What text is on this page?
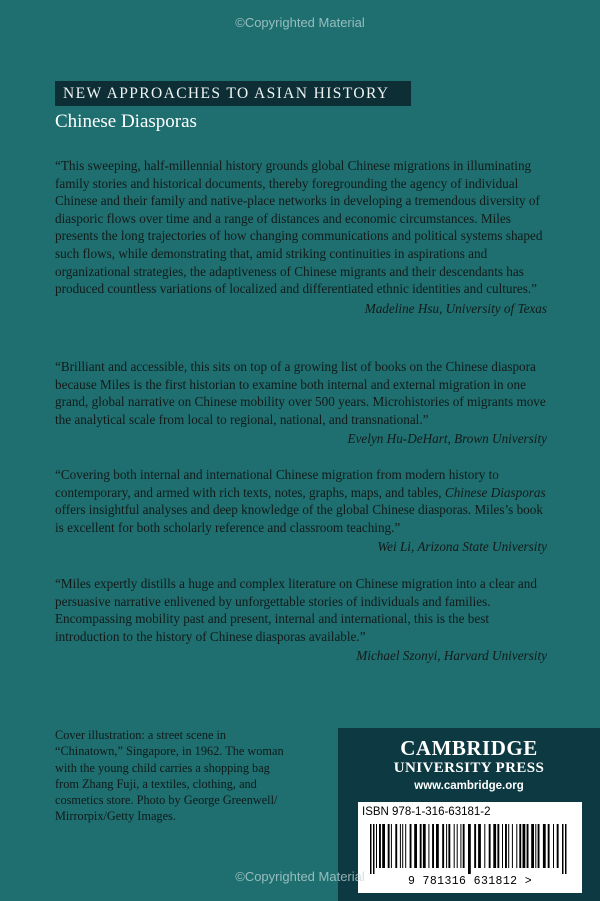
©Copyrighted Material
NEW APPROACHES TO ASIAN HISTORY
Chinese Diasporas

“This sweeping, half-millennial history grounds global Chinese migrations in illuminating family stories and historical documents, thereby foregrounding the agency of individual Chinese and their family and native-place networks in developing a tremendous diversity of diasporic flows over time and a range of distances and economic circumstances. Miles presents the long trajectories of how changing communications and political systems shaped such flows, while demonstrating that, amid striking continuities in aspirations and organizational strategies, the adaptiveness of Chinese migrants and their descendants has produced countless variations of localized and differentiated ethnic identities and cultures.”

Madeline Hsu, University of Texas

“Brilliant and accessible, this sits on top of a growing list of books on the Chinese diaspora because Miles is the first historian to examine both internal and external migration in one grand, global narrative on Chinese mobility over 500 years. Microhistories of migrants move the analytical scale from local to regional, national, and transnational.”

Evelyn Hu-DeHart, Brown University

“Covering both internal and international Chinese migration from modern history to contemporary, and armed with rich texts, notes, graphs, maps, and tables, Chinese Diasporas offers insightful analyses and deep knowledge of the global Chinese diasporas. Miles’s book is excellent for both scholarly reference and classroom teaching.”

Wei Li, Arizona State University

“Miles expertly distills a huge and complex literature on Chinese migration into a clear and persuasive narrative enlivened by unforgettable stories of individuals and families. Encompassing mobility past and present, internal and international, this is the best introduction to the history of Chinese diasporas available.”

Michael Szonyi, Harvard University
Cover illustration: a street scene in “Chinatown,” Singapore, in 1962. The woman with the young child carries a shopping bag from Zhang Fuji, a textiles, clothing, and cosmetics store. Photo by George Greenwell/ Mirrorpix/Getty Images.
CAMBRIDGE
UNIVERSITY PRESS
www.cambridge.org
ISBN 978-1-316-63181-2
9 781316 631812 >
©Copyrighted Material
